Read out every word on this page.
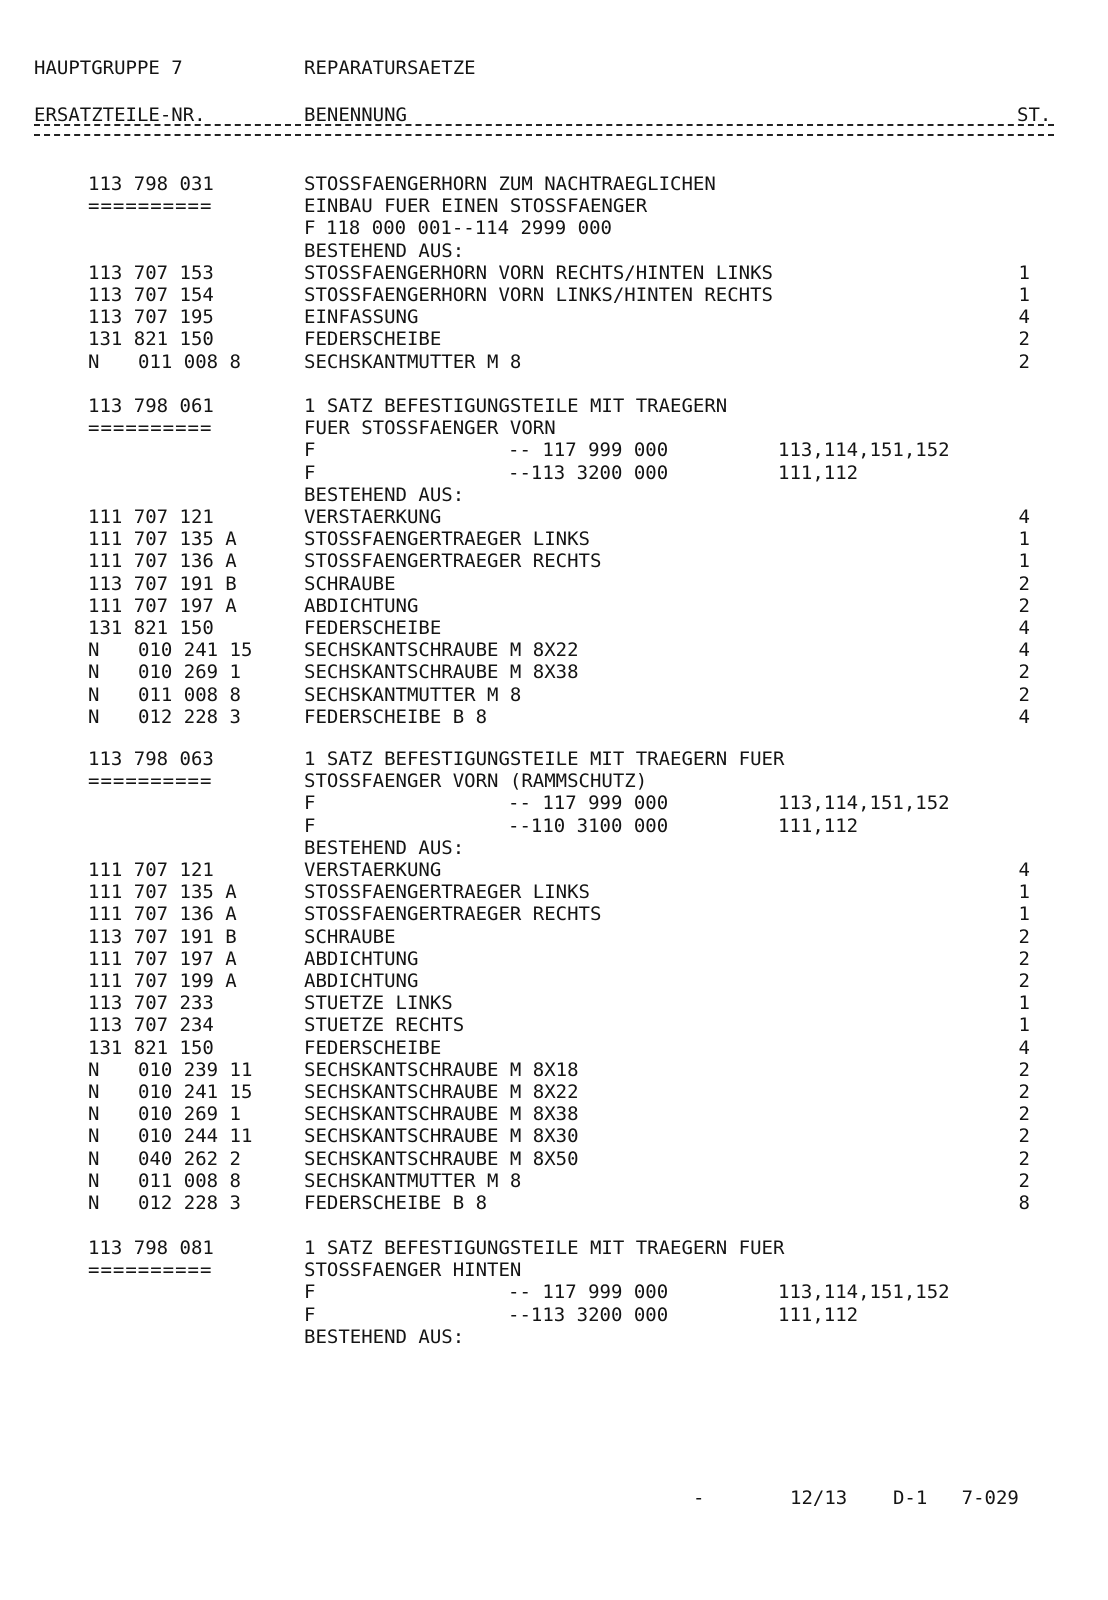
HAUPTGRUPPE 7	REPARATURSAETZE
ERSATZTEILE-NR.	BENENNUNG	ST.
113 798 031	STOSSFAENGERHORN ZUM NACHTRAEGLICHEN
==========	EINBAU FUER EINEN STOSSFAENGER
F 118 000 001--114 2999 000
BESTEHEND AUS:
113 707 153	STOSSFAENGERHORN VORN RECHTS/HINTEN LINKS	1
113 707 154	STOSSFAENGERHORN VORN LINKS/HINTEN RECHTS	1
113 707 195	EINFASSUNG	4
131 821 150	FEDERSCHEIBE	2
N 011 008 8	SECHSKANTMUTTER M 8	2
113 798 061	1 SATZ BEFESTIGUNGSTEILE MIT TRAEGERN
==========	FUER STOSSFAENGER VORN
F	-- 117 999 000	113,114,151,152
F	--113 3200 000	111,112
BESTEHEND AUS:
111 707 121	VERSTAERKUNG	4
111 707 135 A	STOSSFAENGERTRAEGER LINKS	1
111 707 136 A	STOSSFAENGERTRAEGER RECHTS	1
113 707 191 B	SCHRAUBE	2
111 707 197 A	ABDICHTUNG	2
131 821 150	FEDERSCHEIBE	4
N 010 241 15	SECHSKANTSCHRAUBE M 8X22	4
N 010 269 1	SECHSKANTSCHRAUBE M 8X38	2
N 011 008 8	SECHSKANTMUTTER M 8	2
N 012 228 3	FEDERSCHEIBE B 8	4
113 798 063	1 SATZ BEFESTIGUNGSTEILE MIT TRAEGERN FUER
==========	STOSSFAENGER VORN (RAMMSCHUTZ)
F	-- 117 999 000	113,114,151,152
F	--110 3100 000	111,112
BESTEHEND AUS:
111 707 121	VERSTAERKUNG	4
111 707 135 A	STOSSFAENGERTRAEGER LINKS	1
111 707 136 A	STOSSFAENGERTRAEGER RECHTS	1
113 707 191 B	SCHRAUBE	2
111 707 197 A	ABDICHTUNG	2
111 707 199 A	ABDICHTUNG	2
113 707 233	STUETZE LINKS	1
113 707 234	STUETZE RECHTS	1
131 821 150	FEDERSCHEIBE	4
N 010 239 11	SECHSKANTSCHRAUBE M 8X18	2
N 010 241 15	SECHSKANTSCHRAUBE M 8X22	2
N 010 269 1	SECHSKANTSCHRAUBE M 8X38	2
N 010 244 11	SECHSKANTSCHRAUBE M 8X30	2
N 040 262 2	SECHSKANTSCHRAUBE M 8X50	2
N 011 008 8	SECHSKANTMUTTER M 8	2
N 012 228 3	FEDERSCHEIBE B 8	8
113 798 081	1 SATZ BEFESTIGUNGSTEILE MIT TRAEGERN FUER
==========	STOSSFAENGER HINTEN
F	-- 117 999 000	113,114,151,152
F	--113 3200 000	111,112
BESTEHEND AUS:
-	12/13 D-1 7-029
